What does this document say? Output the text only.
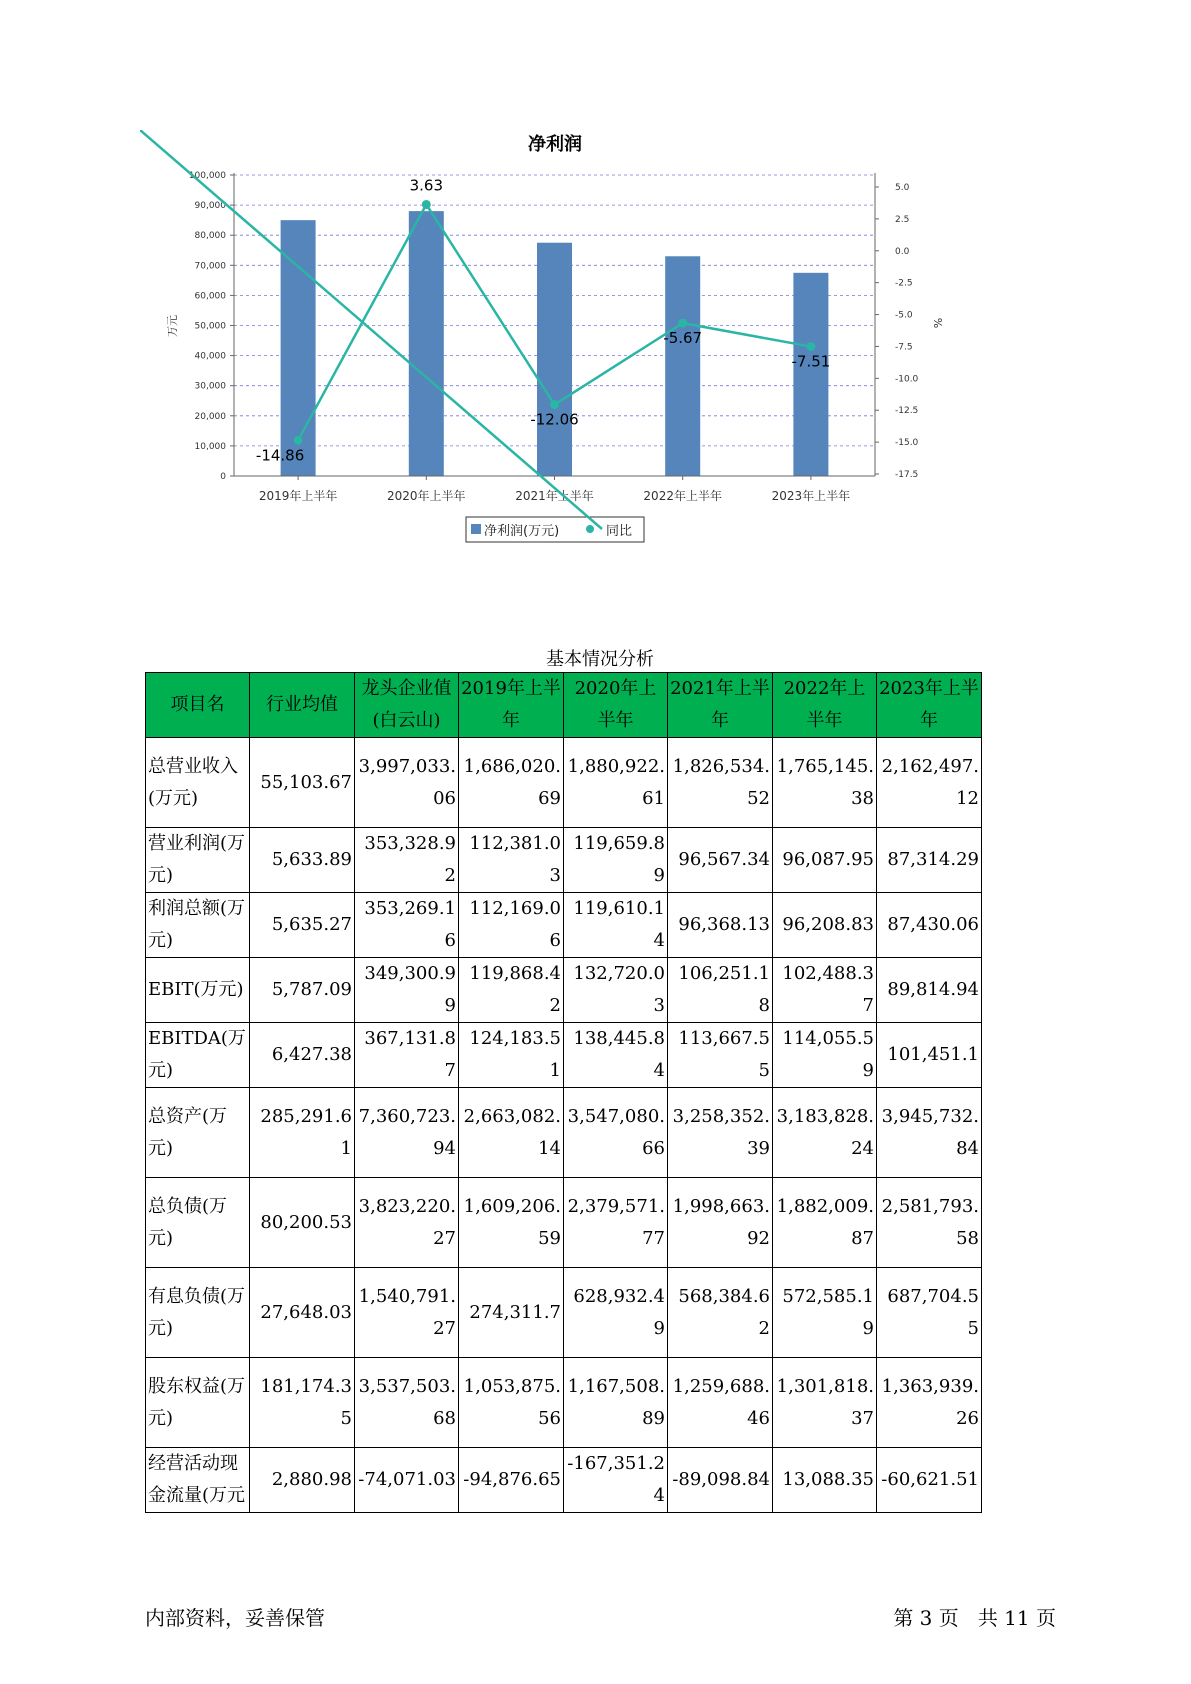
净利润
0
10,000
20,000
30,000
40,000
50,000
60,000
70,000
80,000
90,000
100,000
5.0
2.5
0.0
-2.5
-5.0
-7.5
-10.0
-12.5
-15.0
-17.5
万元	%
2019年上半年	2020年上半年	2021年上半年	2022年上半年	2023年上半年
-14.86
3.63
-12.06
-5.67
-7.51
净利润(万元)	同比
基本情况分析
项目名	行业均值	龙头企业值(白云山)	2019年上半年	2020年上半年	2021年上半年	2022年上半年	2023年上半年
总营业收入(万元)	55,103.67	3,997,033.06	1,686,020.69	1,880,922.61	1,826,534.52	1,765,145.38	2,162,497.12
营业利润(万元)	5,633.89	353,328.92	112,381.03	119,659.89	96,567.34	96,087.95	87,314.29
利润总额(万元)	5,635.27	353,269.16	112,169.06	119,610.14	96,368.13	96,208.83	87,430.06
EBIT(万元)	5,787.09	349,300.99	119,868.42	132,720.03	106,251.18	102,488.37	89,814.94
EBITDA(万元)	6,427.38	367,131.87	124,183.51	138,445.84	113,667.55	114,055.59	101,451.1
总资产(万元)	285,291.61	7,360,723.94	2,663,082.14	3,547,080.66	3,258,352.39	3,183,828.24	3,945,732.84
总负债(万元)	80,200.53	3,823,220.27	1,609,206.59	2,379,571.77	1,998,663.92	1,882,009.87	2,581,793.58
有息负债(万元)	27,648.03	1,540,791.27	274,311.7	628,932.49	568,384.62	572,585.19	687,704.55
股东权益(万元)	181,174.35	3,537,503.68	1,053,875.56	1,167,508.89	1,259,688.46	1,301,818.37	1,363,939.26
经营活动现金流量(万元	2,880.98	-74,071.03	-94,876.65	-167,351.24	-89,098.84	13,088.35	-60,621.51
内部资料，妥善保管	第 3 页   共 11 页
